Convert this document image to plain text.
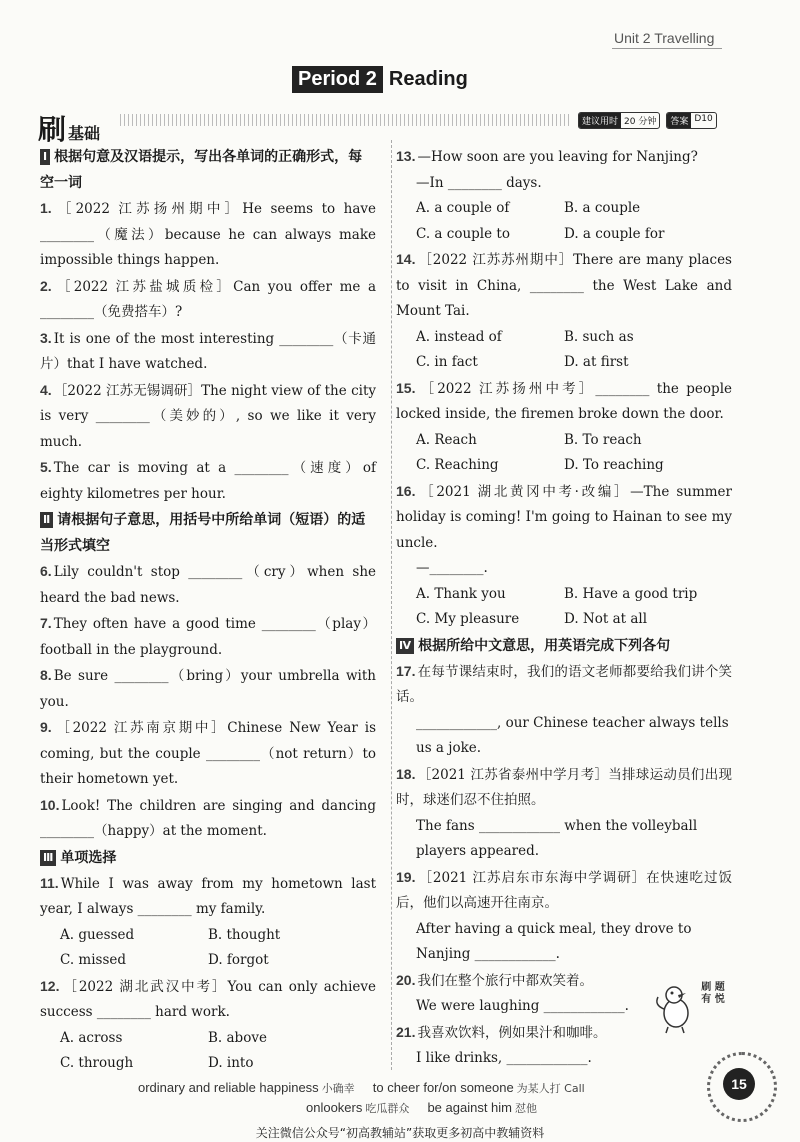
Unit 2 Travelling
Period 2 Reading
刷基础
建议用时 20 分钟	答案 D10

Ⅰ 根据句意及汉语提示，写出各单词的正确形式，每空一词

1. ［2022 江苏扬州期中］He seems to have ________（魔法）because he can always make impossible things happen.

2. ［2022 江苏盐城质检］Can you offer me a ________（免费搭车）?

3. It is one of the most interesting ________（卡通片）that I have watched.

4. ［2022 江苏无锡调研］The night view of the city is very ________（美妙的）, so we like it very much.

5. The car is moving at a ________（速度）of eighty kilometres per hour.

Ⅱ 请根据句子意思，用括号中所给单词（短语）的适当形式填空

6. Lily couldn't stop ________（cry）when she heard the bad news.

7. They often have a good time ________（play）football in the playground.

8. Be sure ________（bring）your umbrella with you.

9. ［2022 江苏南京期中］Chinese New Year is coming, but the couple ________（not return）to their hometown yet.

10. Look! The children are singing and dancing ________（happy）at the moment.

Ⅲ 单项选择

11. While I was away from my hometown last year, I always ________ my family.

A. guessed	B. thought
C. missed	D. forgot

12. ［2022 湖北武汉中考］You can only achieve success ________ hard work.

A. across	B. above
C. through	D. into

13. —How soon are you leaving for Nanjing?

—In ________ days.

A. a couple of	B. a couple
C. a couple to	D. a couple for

14. ［2022 江苏苏州期中］There are many places to visit in China, ________ the West Lake and Mount Tai.

A. instead of	B. such as
C. in fact	D. at first

15. ［2022 江苏扬州中考］________ the people locked inside, the firemen broke down the door.

A. Reach	B. To reach
C. Reaching	D. To reaching

16. ［2021 湖北黄冈中考·改编］—The summer holiday is coming! I'm going to Hainan to see my uncle.

—________.

A. Thank you	B. Have a good trip
C. My pleasure	D. Not at all

Ⅳ 根据所给中文意思，用英语完成下列各句

17. 在每节课结束时，我们的语文老师都要给我们讲个笑话。

____________, our Chinese teacher always tells us a joke.

18. ［2021 江苏省泰州中学月考］当排球运动员们出现时，球迷们忍不住拍照。

The fans ____________ when the volleyball players appeared.

19. ［2021 江苏启东市东海中学调研］在快速吃过饭后，他们以高速开往南京。

After having a quick meal, they drove to Nanjing ____________.

20. 我们在整个旅行中都欢笑着。

We were laughing ____________.

21. 我喜欢饮料，例如果汁和咖啡。

I like drinks, ____________.

刷 题 有 悦
ordinary and reliable happiness 小确幸 to cheer for/on someone 为某人打 Call
onlookers 吃瓜群众 be against him 怼他
15
关注微信公众号“初高教辅站”获取更多初高中教辅资料
